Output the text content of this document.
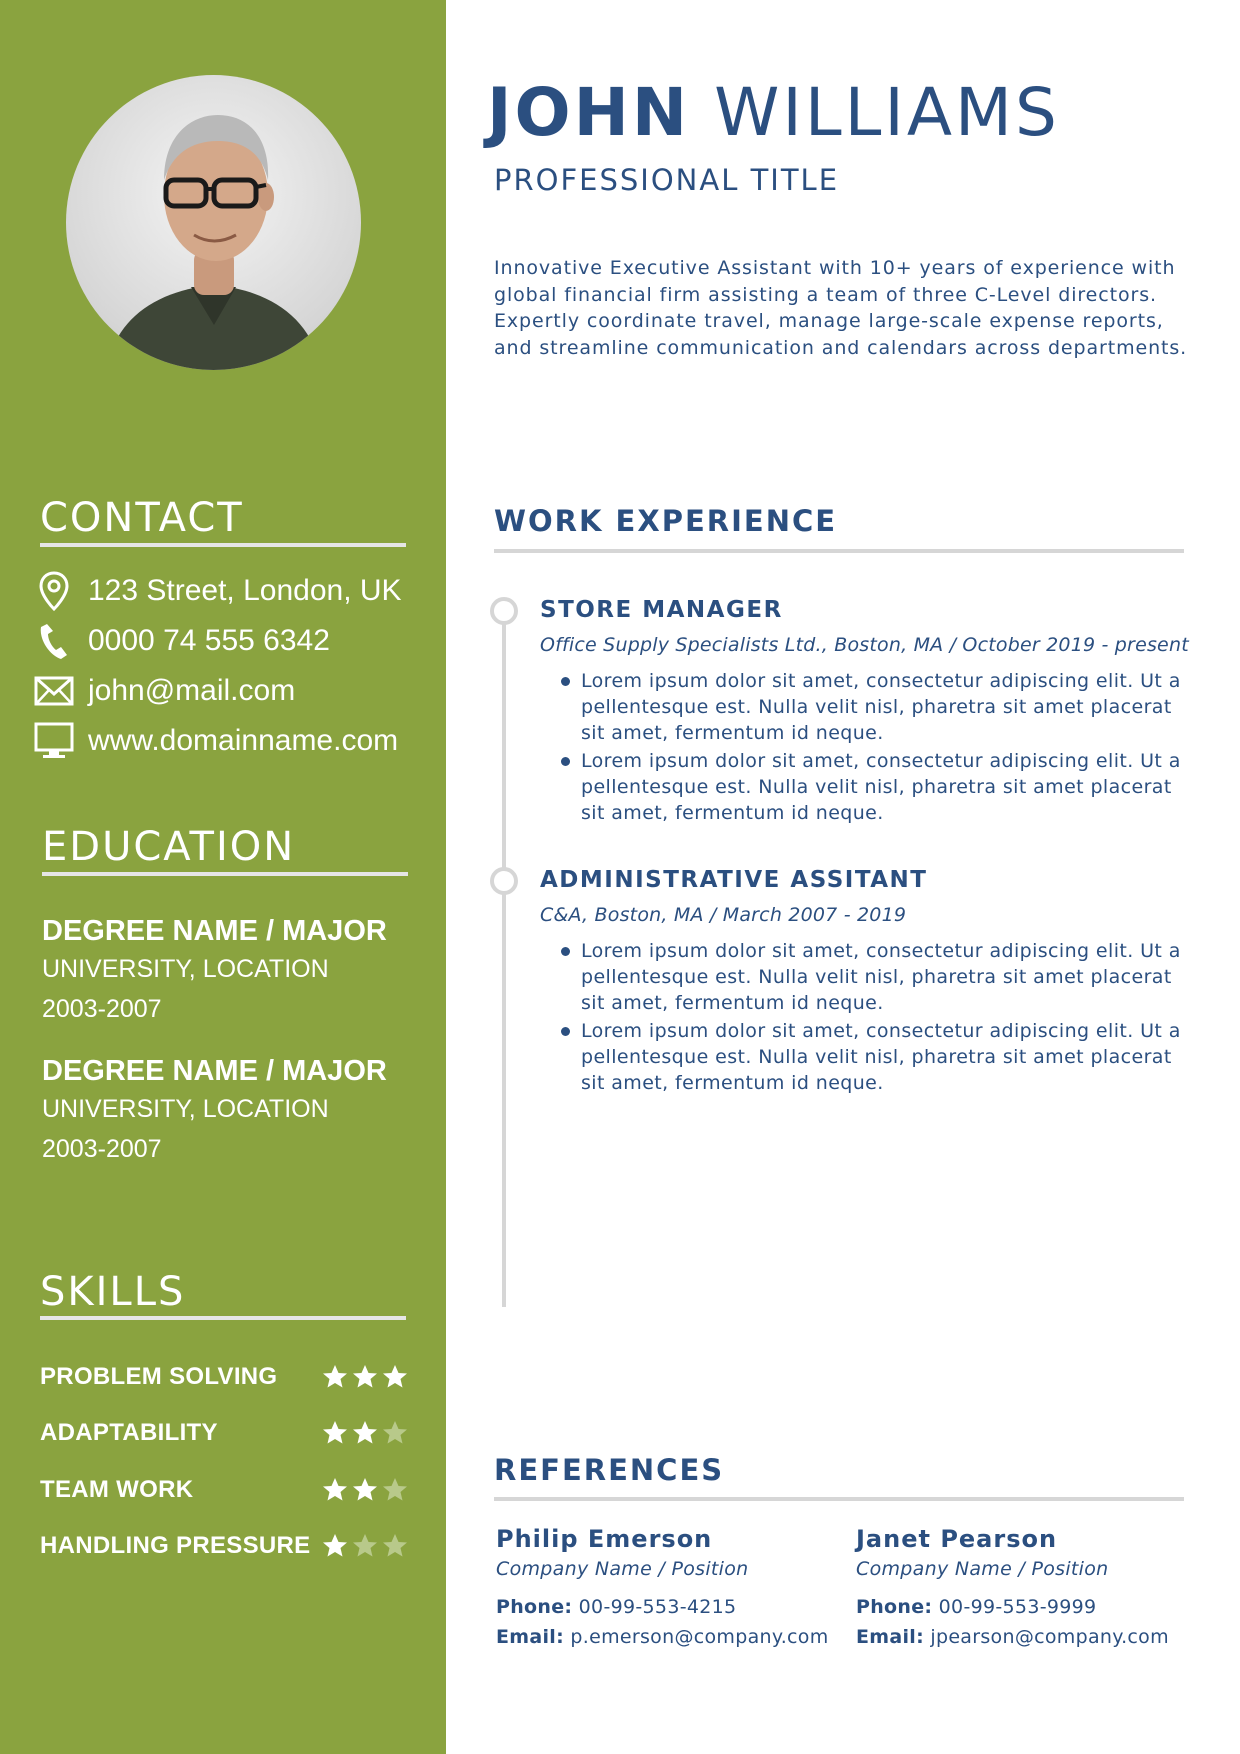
CONTACT
123 Street, London, UK
0000 74 555 6342
john@mail.com
www.domainname.com
EDUCATION
DEGREE NAME / MAJOR
UNIVERSITY, LOCATION
2003-2007
DEGREE NAME / MAJOR
UNIVERSITY, LOCATION
2003-2007
SKILLS
PROBLEM SOLVING
ADAPTABILITY
TEAM WORK
HANDLING PRESSURE
JOHN WILLIAMS
PROFESSIONAL TITLE
Innovative Executive Assistant with 10+ years of experience with global financial firm assisting a team of three C-Level directors. Expertly coordinate travel, manage large-scale expense reports, and streamline communication and calendars across departments.
WORK EXPERIENCE
STORE MANAGER
Office Supply Specialists Ltd., Boston, MA / October 2019 - present
Lorem ipsum dolor sit amet, consectetur adipiscing elit. Ut a pellentesque est. Nulla velit nisl, pharetra sit amet placerat sit amet, fermentum id neque.
Lorem ipsum dolor sit amet, consectetur adipiscing elit. Ut a pellentesque est. Nulla velit nisl, pharetra sit amet placerat sit amet, fermentum id neque.
ADMINISTRATIVE ASSITANT
C&A, Boston, MA / March 2007 - 2019
Lorem ipsum dolor sit amet, consectetur adipiscing elit. Ut a pellentesque est. Nulla velit nisl, pharetra sit amet placerat sit amet, fermentum id neque.
Lorem ipsum dolor sit amet, consectetur adipiscing elit. Ut a pellentesque est. Nulla velit nisl, pharetra sit amet placerat sit amet, fermentum id neque.
REFERENCES
Philip Emerson
Company Name / Position
Phone: 00-99-553-4215
Email: p.emerson@company.com
Janet Pearson
Company Name / Position
Phone: 00-99-553-9999
Email: jpearson@company.com
